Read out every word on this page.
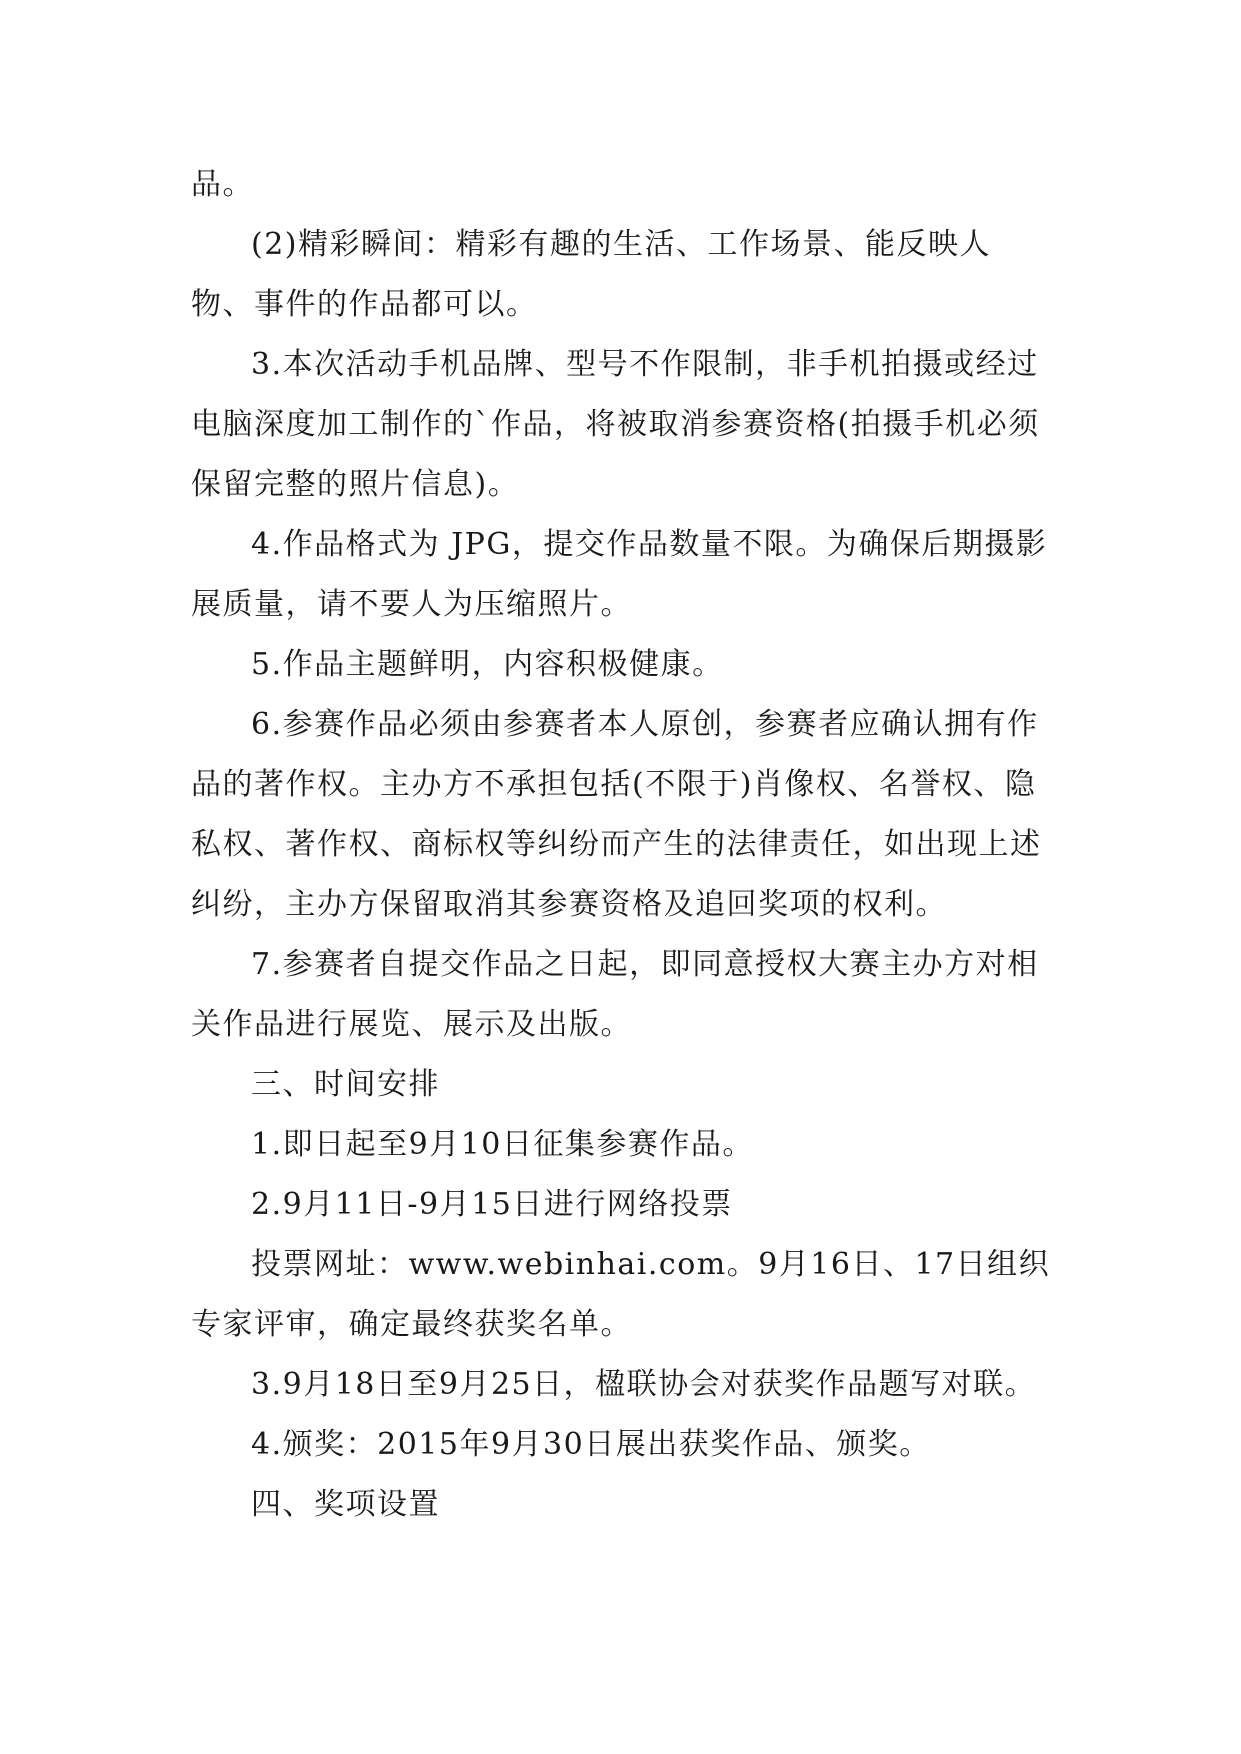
品。

(2)精彩瞬间：精彩有趣的生活、工作场景、能反映人物、事件的作品都可以。

3.本次活动手机品牌、型号不作限制，非手机拍摄或经过电脑深度加工制作的`作品，将被取消参赛资格(拍摄手机必须保留完整的照片信息)。

4.作品格式为 JPG，提交作品数量不限。为确保后期摄影展质量，请不要人为压缩照片。

5.作品主题鲜明，内容积极健康。

6.参赛作品必须由参赛者本人原创，参赛者应确认拥有作品的著作权。主办方不承担包括(不限于)肖像权、名誉权、隐私权、著作权、商标权等纠纷而产生的法律责任，如出现上述纠纷，主办方保留取消其参赛资格及追回奖项的权利。

7.参赛者自提交作品之日起，即同意授权大赛主办方对相关作品进行展览、展示及出版。

三、时间安排

1.即日起至9月10日征集参赛作品。

2.9月11日-9月15日进行网络投票

投票网址：www.webinhai.com。9月16日、17日组织专家评审，确定最终获奖名单。

3.9月18日至9月25日，楹联协会对获奖作品题写对联。

4.颁奖：2015年9月30日展出获奖作品、颁奖。

四、奖项设置
